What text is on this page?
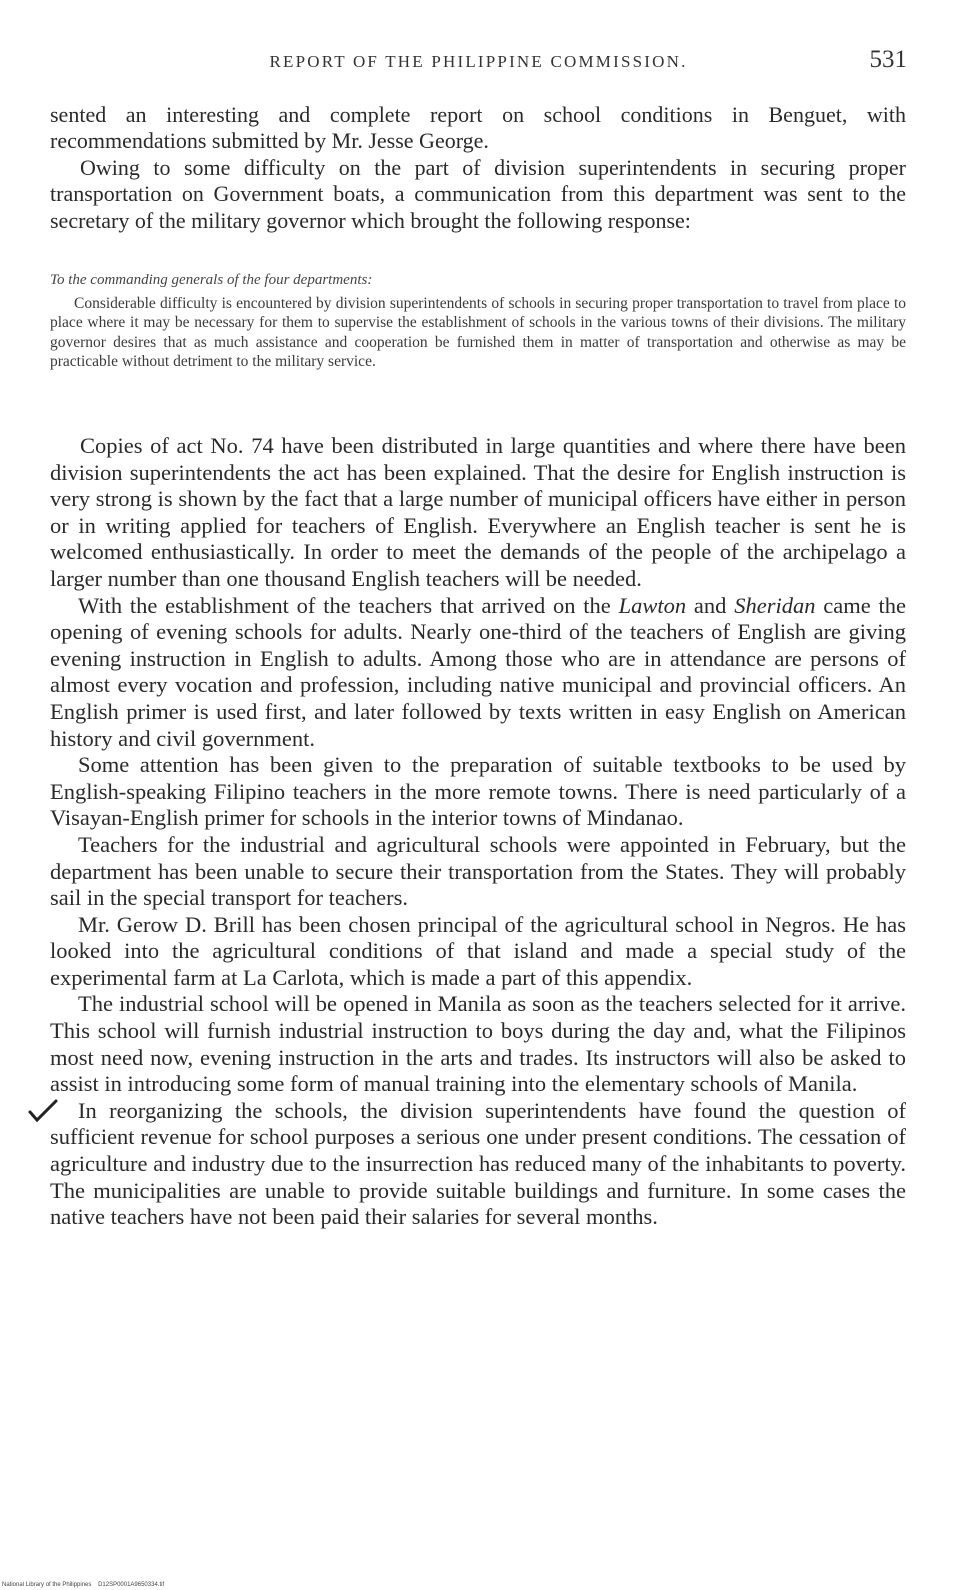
REPORT OF THE PHILIPPINE COMMISSION.	531

sented an interesting and complete report on school conditions in Benguet, with recommendations submitted by Mr. Jesse George.

Owing to some difficulty on the part of division superintendents in securing proper transportation on Government boats, a communication from this department was sent to the secretary of the military governor which brought the following response:

To the commanding generals of the four departments:
Considerable difficulty is encountered by division superintendents of schools in securing proper transportation to travel from place to place where it may be necessary for them to supervise the establishment of schools in the various towns of their divisions. The military governor desires that as much assistance and cooperation be furnished them in matter of transportation and otherwise as may be practicable without detriment to the military service.

Copies of act No. 74 have been distributed in large quantities and where there have been division superintendents the act has been explained. That the desire for English instruction is very strong is shown by the fact that a large number of municipal officers have either in person or in writing applied for teachers of English. Everywhere an English teacher is sent he is welcomed enthusiastically. In order to meet the demands of the people of the archipelago a larger number than one thousand English teachers will be needed.

With the establishment of the teachers that arrived on the Lawton and Sheridan came the opening of evening schools for adults. Nearly one-third of the teachers of English are giving evening instruction in English to adults. Among those who are in attendance are persons of almost every vocation and profession, including native municipal and provincial officers. An English primer is used first, and later followed by texts written in easy English on American history and civil government.

Some attention has been given to the preparation of suitable textbooks to be used by English-speaking Filipino teachers in the more remote towns. There is need particularly of a Visayan-English primer for schools in the interior towns of Mindanao.

Teachers for the industrial and agricultural schools were appointed in February, but the department has been unable to secure their transportation from the States. They will probably sail in the special transport for teachers.

Mr. Gerow D. Brill has been chosen principal of the agricultural school in Negros. He has looked into the agricultural conditions of that island and made a special study of the experimental farm at La Carlota, which is made a part of this appendix.

The industrial school will be opened in Manila as soon as the teachers selected for it arrive. This school will furnish industrial instruction to boys during the day and, what the Filipinos most need now, evening instruction in the arts and trades. Its instructors will also be asked to assist in introducing some form of manual training into the elementary schools of Manila.

In reorganizing the schools, the division superintendents have found the question of sufficient revenue for school purposes a serious one under present conditions. The cessation of agriculture and industry due to the insurrection has reduced many of the inhabitants to poverty. The municipalities are unable to provide suitable buildings and furniture. In some cases the native teachers have not been paid their salaries for several months.

National Library of the Philippines D12SP0001A9650334.tif
